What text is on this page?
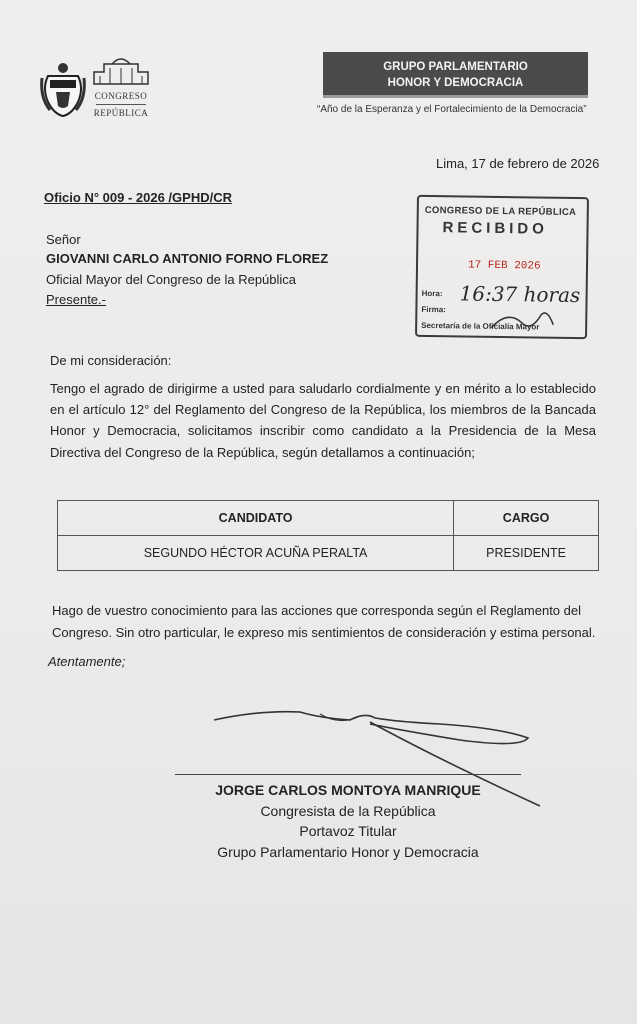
CONGRESO
REPÚBLICA
GRUPO PARLAMENTARIO
HONOR Y DEMOCRACIA
“Año de la Esperanza y el Fortalecimiento de la Democracia”
Lima, 17 de febrero de 2026
Oficio N° 009 - 2026 /GPHD/CR
Señor
GIOVANNI CARLO ANTONIO FORNO FLOREZ
Oficial Mayor del Congreso de la República
Presente.-
CONGRESO DE LA REPÚBLICA
RECIBIDO
17 FEB 2026
Hora: 16:37 horas
Firma:
Secretaría de la Oficialía Mayor
De mi consideración:
Tengo el agrado de dirigirme a usted para saludarlo cordialmente y en mérito a lo establecido en el artículo 12° del Reglamento del Congreso de la República, los miembros de la Bancada Honor y Democracia, solicitamos inscribir como candidato a la Presidencia de la Mesa Directiva del Congreso de la República, según detallamos a continuación;
CANDIDATO	CARGO
SEGUNDO HÉCTOR ACUÑA PERALTA	PRESIDENTE
Hago de vuestro conocimiento para las acciones que corresponda según el Reglamento del
Congreso. Sin otro particular, le expreso mis sentimientos de consideración y estima personal.
Atentamente;
JORGE CARLOS MONTOYA MANRIQUE
Congresista de la República
Portavoz Titular
Grupo Parlamentario Honor y Democracia
